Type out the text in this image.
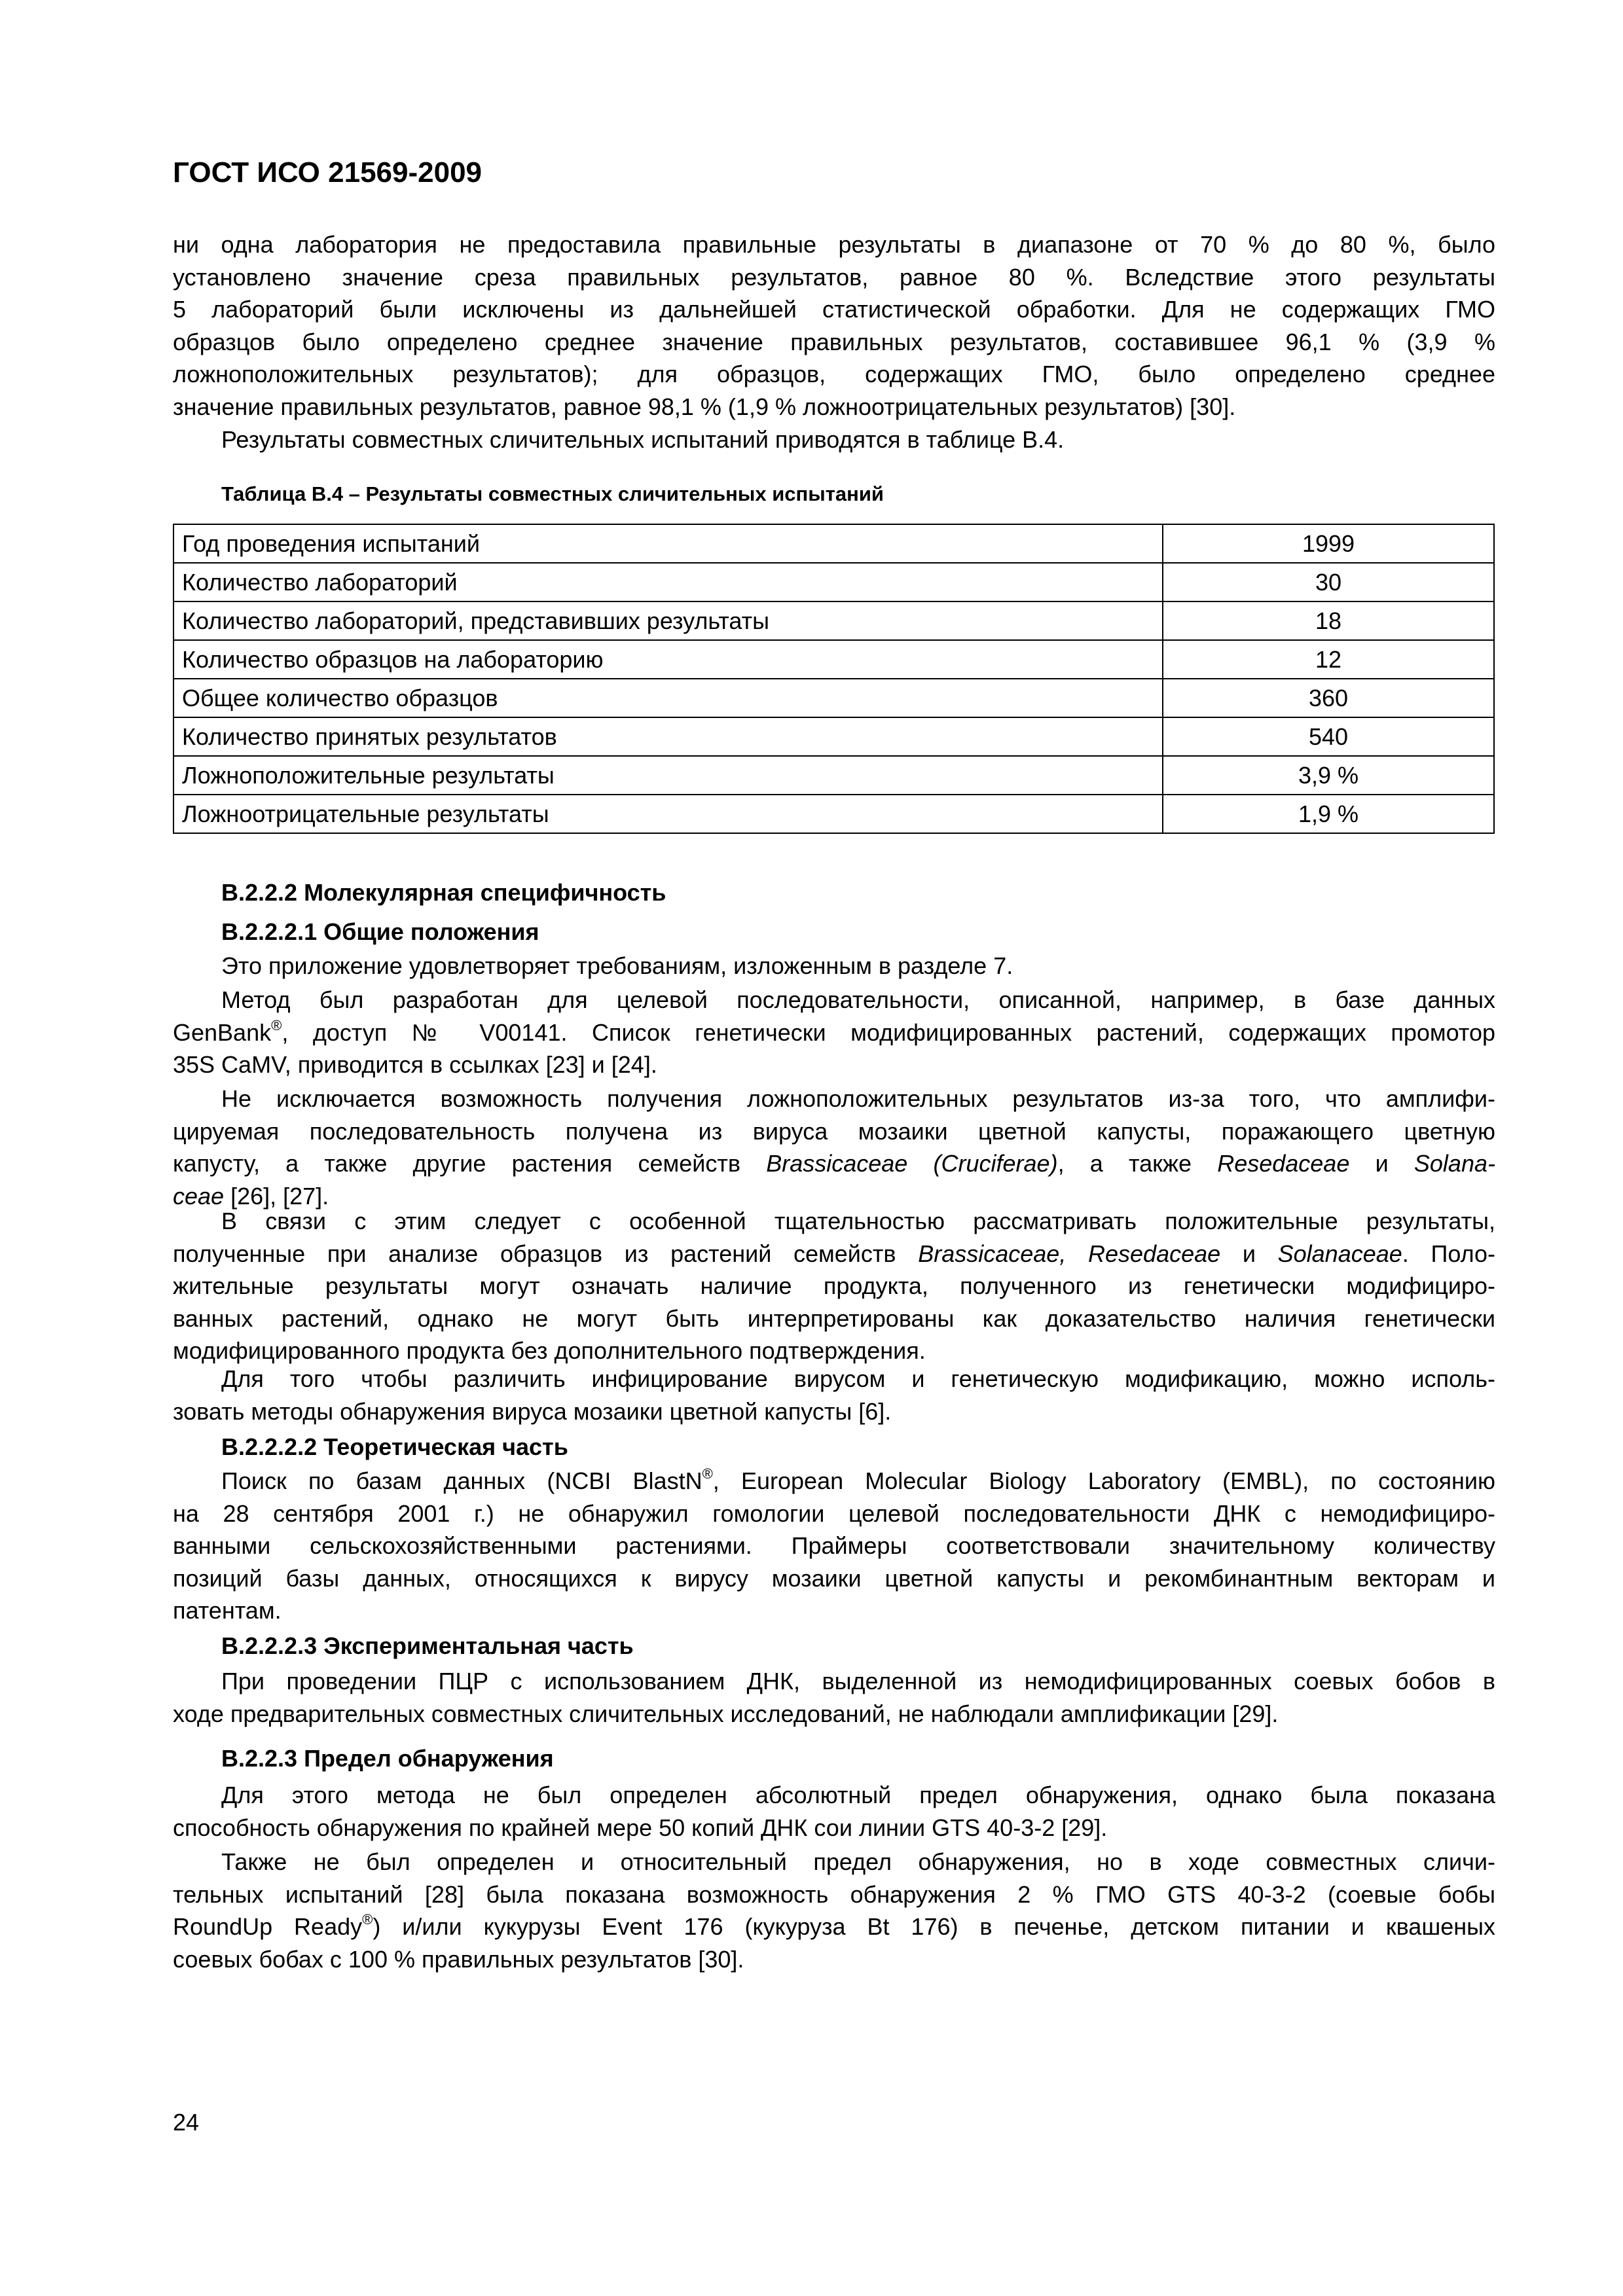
ГОСТ ИСО 21569-2009
Таблица В.4 – Результаты совместных сличительных испытаний
Год проведения испытаний	1999
Количество лабораторий	30
Количество лабораторий, представивших результаты	18
Количество образцов на лабораторию	12
Общее количество образцов	360
Количество принятых результатов	540
Ложноположительные результаты	3,9 %
Ложноотрицательные результаты	1,9 %
ни одна лаборатория не предоставила правильные результаты в диапазоне от 70 % до 80 %, было
установлено значение среза правильных результатов, равное 80 %. Вследствие этого результаты
5 лабораторий были исключены из дальнейшей статистической обработки. Для не содержащих ГМО
образцов было определено среднее значение правильных результатов, составившее 96,1 % (3,9 %
ложноположительных результатов); для образцов, содержащих ГМО, было определено среднее
значение правильных результатов, равное 98,1 % (1,9 % ложноотрицательных результатов) [30].
Результаты совместных сличительных испытаний приводятся в таблице В.4.
В.2.2.2 Молекулярная специфичность
В.2.2.2.1 Общие положения
Это приложение удовлетворяет требованиям, изложенным в разделе 7.
Метод был разработан для целевой последовательности, описанной, например, в базе данных
GenBank®, доступ № V00141. Список генетически модифицированных растений, содержащих промотор
35S CaMV, приводится в ссылках [23] и [24].
Не исключается возможность получения ложноположительных результатов из-за того, что амплифи-
цируемая последовательность получена из вируса мозаики цветной капусты, поражающего цветную
капусту, а также другие растения семейств Brassicaceae (Cruciferae), а также Resedaceae и Solana-
ceae [26], [27].
В связи с этим следует с особенной тщательностью рассматривать положительные результаты,
полученные при анализе образцов из растений семейств Brassicaceae, Resedaceae и Solanaceae. Поло-
жительные результаты могут означать наличие продукта, полученного из генетически модифициро-
ванных растений, однако не могут быть интерпретированы как доказательство наличия генетически
модифицированного продукта без дополнительного подтверждения.
Для того чтобы различить инфицирование вирусом и генетическую модификацию, можно исполь-
зовать методы обнаружения вируса мозаики цветной капусты [6].
В.2.2.2.2 Теоретическая часть
Поиск по базам данных (NCBI BlastN®, European Molecular Biology Laboratory (EMBL), по состоянию
на 28 сентября 2001 г.) не обнаружил гомологии целевой последовательности ДНК с немодифициро-
ванными сельскохозяйственными растениями. Праймеры соответствовали значительному количеству
позиций базы данных, относящихся к вирусу мозаики цветной капусты и рекомбинантным векторам и
патентам.
В.2.2.2.3 Экспериментальная часть
При проведении ПЦР с использованием ДНК, выделенной из немодифицированных соевых бобов в
ходе предварительных совместных сличительных исследований, не наблюдали амплификации [29].
В.2.2.3 Предел обнаружения
Для этого метода не был определен абсолютный предел обнаружения, однако была показана
способность обнаружения по крайней мере 50 копий ДНК сои линии GTS 40-3-2 [29].
Также не был определен и относительный предел обнаружения, но в ходе совместных сличи-
тельных испытаний [28] была показана возможность обнаружения 2 % ГМО GTS 40-3-2 (соевые бобы
RoundUp Ready®) и/или кукурузы Event 176 (кукуруза Bt 176) в печенье, детском питании и квашеных
соевых бобах с 100 % правильных результатов [30].
24
